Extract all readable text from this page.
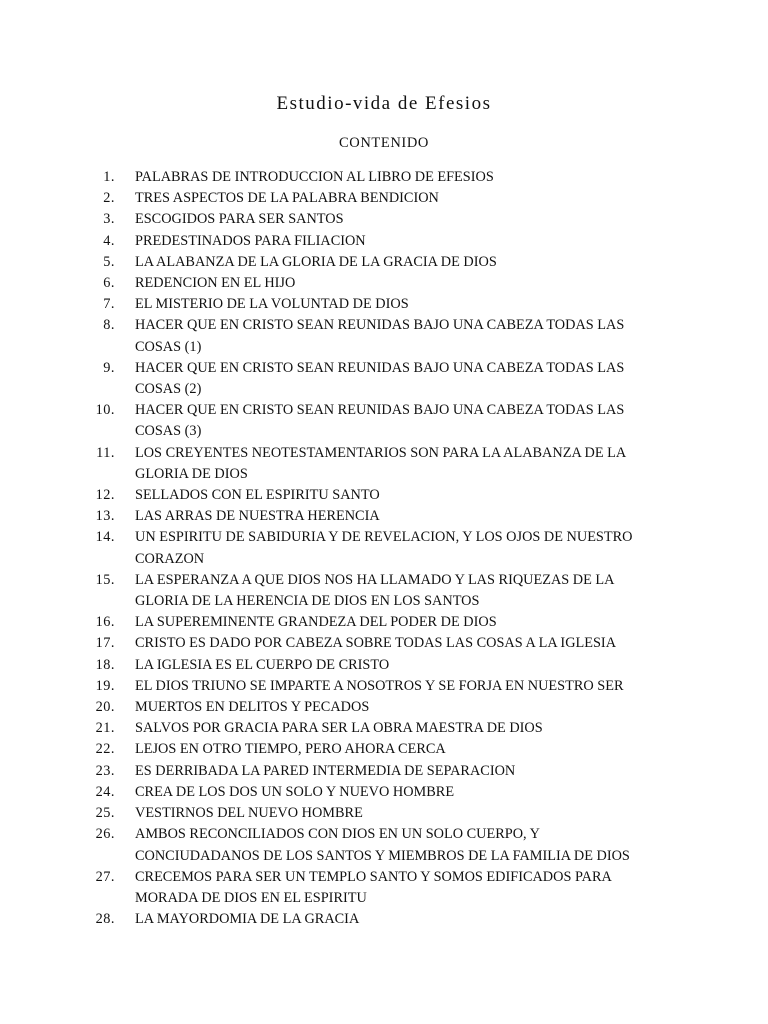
Estudio-vida de Efesios
CONTENIDO
1. PALABRAS DE INTRODUCCION AL LIBRO DE EFESIOS
2. TRES ASPECTOS DE LA PALABRA BENDICION
3. ESCOGIDOS PARA SER SANTOS
4. PREDESTINADOS PARA FILIACION
5. LA ALABANZA DE LA GLORIA DE LA GRACIA DE DIOS
6. REDENCION EN EL HIJO
7. EL MISTERIO DE LA VOLUNTAD DE DIOS
8. HACER QUE EN CRISTO SEAN REUNIDAS BAJO UNA CABEZA TODAS LAS
COSAS (1)
9. HACER QUE EN CRISTO SEAN REUNIDAS BAJO UNA CABEZA TODAS LAS
COSAS (2)
10. HACER QUE EN CRISTO SEAN REUNIDAS BAJO UNA CABEZA TODAS LAS
COSAS (3)
11. LOS CREYENTES NEOTESTAMENTARIOS SON PARA LA ALABANZA DE LA
GLORIA DE DIOS
12. SELLADOS CON EL ESPIRITU SANTO
13. LAS ARRAS DE NUESTRA HERENCIA
14. UN ESPIRITU DE SABIDURIA Y DE REVELACION, Y LOS OJOS DE NUESTRO
CORAZON
15. LA ESPERANZA A QUE DIOS NOS HA LLAMADO Y LAS RIQUEZAS DE LA
GLORIA DE LA HERENCIA DE DIOS EN LOS SANTOS
16. LA SUPEREMINENTE GRANDEZA DEL PODER DE DIOS
17. CRISTO ES DADO POR CABEZA SOBRE TODAS LAS COSAS A LA IGLESIA
18. LA IGLESIA ES EL CUERPO DE CRISTO
19. EL DIOS TRIUNO SE IMPARTE A NOSOTROS Y SE FORJA EN NUESTRO SER
20. MUERTOS EN DELITOS Y PECADOS
21. SALVOS POR GRACIA PARA SER LA OBRA MAESTRA DE DIOS
22. LEJOS EN OTRO TIEMPO, PERO AHORA CERCA
23. ES DERRIBADA LA PARED INTERMEDIA DE SEPARACION
24. CREA DE LOS DOS UN SOLO Y NUEVO HOMBRE
25. VESTIRNOS DEL NUEVO HOMBRE
26. AMBOS RECONCILIADOS CON DIOS EN UN SOLO CUERPO, Y
CONCIUDADANOS DE LOS SANTOS Y MIEMBROS DE LA FAMILIA DE DIOS
27. CRECEMOS PARA SER UN TEMPLO SANTO Y SOMOS EDIFICADOS PARA
MORADA DE DIOS EN EL ESPIRITU
28. LA MAYORDOMIA DE LA GRACIA
